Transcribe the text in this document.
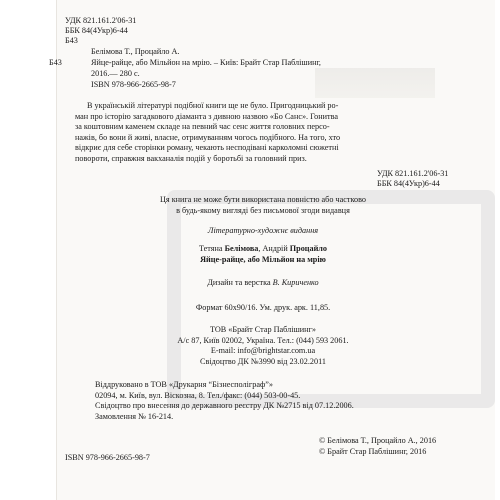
УДК 821.161.2'06-31
ББК 84(4Укр)6-44
Б43
Белімова Т., Процайло А.
Б43	Яйце-райце, або Мільйон на мрію. – Київ: Брайт Стар Паблішинг,
2016.— 280 с.
ISBN 978-966-2665-98-7
В українській літературі подібної книги ще не було. Пригодницький ро-
ман про історію загадкового діаманта з дивною назвою «Бо Санс». Гонитва
за коштовним каменем складе на певний час сенс життя головних персо-
нажів, бо вони й живі, власне, отримуванням чогось подібного. На того, хто
відкриє для себе сторінки роману, чекають несподівані карколомні сюжетні
повороти, справжня вакханалія подій у боротьбі за головний приз.
УДК 821.161.2'06-31
ББК 84(4Укр)6-44
Ця книга не може бути використана повністю або частково
в будь-якому вигляді без письмової згоди видавця
Літературно-художнє видання
Тетяна Белімова, Андрій Процайло
Яйце-райце, або Мільйон на мрію
Дизайн та верстка В. Кириченко
Формат 60х90/16. Ум. друк. арк. 11,85.
ТОВ «Брайт Стар Паблішинг»
А/с 87, Київ 02002, Україна. Тел.: (044) 593 2061.
E-mail: info@brightstar.com.ua
Свідоцтво ДК №3990 від 23.02.2011
Віддруковано в ТОВ «Друкарня “Бізнесполіграф”»
02094, м. Київ, вул. Віскозна, 8. Тел./факс: (044) 503-00-45.
Свідоцтво про внесення до державного реєстру ДК №2715 від 07.12.2006.
Замовлення № 16-214.
© Белімова Т., Процайло А., 2016
© Брайт Стар Паблішинг, 2016
ISBN 978-966-2665-98-7
